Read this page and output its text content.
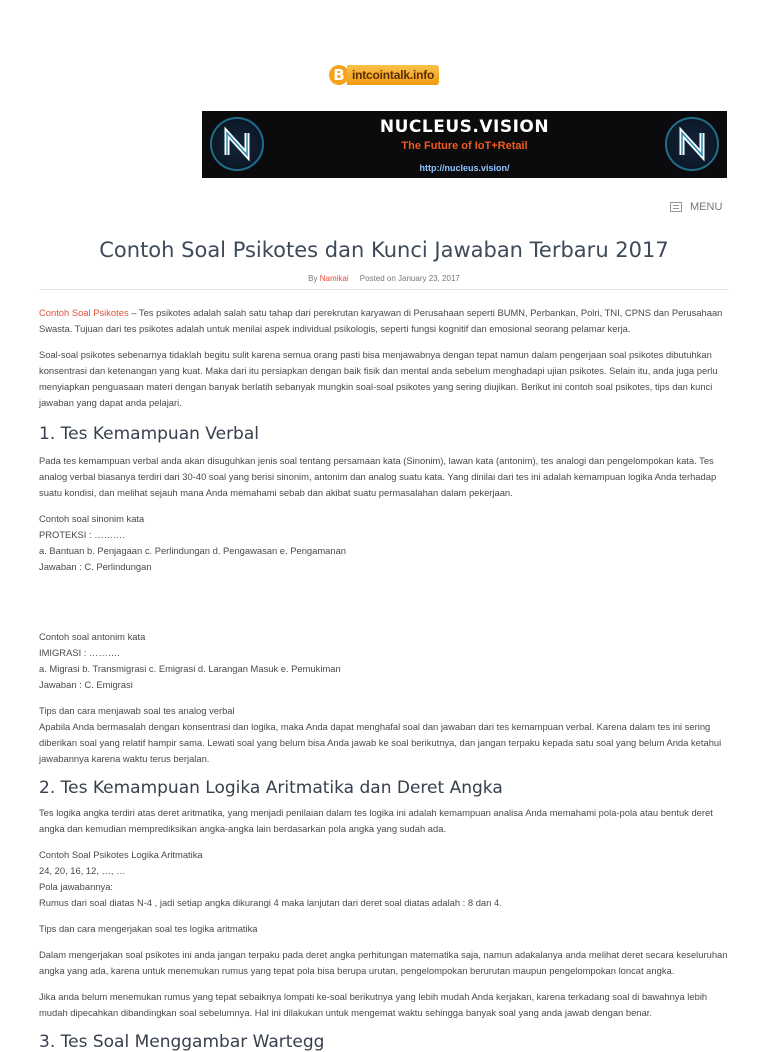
B intcointalk.info
NUCLEUS.VISION
The Future of IoT+Retail
http://nucleus.vision/
MENU
Contoh Soal Psikotes dan Kunci Jawaban Terbaru 2017
By Namikai Posted on January 23, 2017

Contoh Soal Psikotes – Tes psikotes adalah salah satu tahap dari perekrutan karyawan di Perusahaan seperti BUMN, Perbankan, Polri, TNI, CPNS dan Perusahaan Swasta. Tujuan dari tes psikotes adalah untuk menilai aspek individual psikologis, seperti fungsi kognitif dan emosional seorang pelamar kerja.

Soal-soal psikotes sebenarnya tidaklah begitu sulit karena semua orang pasti bisa menjawabnya dengan tepat namun dalam pengerjaan soal psikotes dibutuhkan konsentrasi dan ketenangan yang kuat. Maka dari itu persiapkan dengan baik fisik dan mental anda sebelum menghadapi ujian psikotes. Selain itu, anda juga perlu menyiapkan penguasaan materi dengan banyak berlatih sebanyak mungkin soal-soal psikotes yang sering diujikan. Berikut ini contoh soal psikotes, tips dan kunci jawaban yang dapat anda pelajari.

1. Tes Kemampuan Verbal

Pada tes kemampuan verbal anda akan disuguhkan jenis soal tentang persamaan kata (Sinonim), lawan kata (antonim), tes analogi dan pengelompokan kata. Tes analog verbal biasanya terdiri dari 30-40 soal yang berisi sinonim, antonim dan analog suatu kata. Yang dinilai dari tes ini adalah kemampuan logika Anda terhadap suatu kondisi, dan melihat sejauh mana Anda memahami sebab dan akibat suatu permasalahan dalam pekerjaan.

Contoh soal sinonim kata

PROTEKSI : ……….

a. Bantuan b. Penjagaan c. Perlindungan d. Pengawasan e. Pengamanan

Jawaban : C. Perlindungan

Contoh soal antonim kata

IMIGRASI : ……….

a. Migrasi b. Transmigrasi c. Emigrasi d. Larangan Masuk e. Pemukiman

Jawaban : C. Emigrasi

Tips dan cara menjawab soal tes analog verbal

Apabila Anda bermasalah dengan konsentrasi dan logika, maka Anda dapat menghafal soal dan jawaban dari tes kemampuan verbal. Karena dalam tes ini sering diberikan soal yang relatif hampir sama. Lewati soal yang belum bisa Anda jawab ke soal berikutnya, dan jangan terpaku kepada satu soal yang belum Anda ketahui jawabannya karena waktu terus berjalan.

2. Tes Kemampuan Logika Aritmatika dan Deret Angka

Tes logika angka terdiri atas deret aritmatika, yang menjadi penilaian dalam tes logika ini adalah kemampuan analisa Anda memahami pola-pola atau bentuk deret angka dan kemudian memprediksikan angka-angka lain berdasarkan pola angka yang sudah ada.

Contoh Soal Psikotes Logika Aritmatika

24, 20, 16, 12, …, …

Pola jawabannya:

Rumus dari soal diatas N-4 , jadi setiap angka dikurangi 4 maka lanjutan dari deret soal diatas adalah : 8 dan 4.

Tips dan cara mengerjakan soal tes logika aritmatika

Dalam mengerjakan soal psikotes ini anda jangan terpaku pada deret angka perhitungan matematika saja, namun adakalanya anda melihat deret secara keseluruhan angka yang ada, karena untuk menemukan rumus yang tepat pola bisa berupa urutan, pengelompokan berurutan maupun pengelompokan loncat angka.

Jika anda belum menemukan rumus yang tepat sebaiknya lompati ke-soal berikutnya yang lebih mudah Anda kerjakan, karena terkadang soal di bawahnya lebih mudah dipecahkan dibandingkan soal sebelumnya. Hal ini dilakukan untuk mengemat waktu sehingga banyak soal yang anda jawab dengan benar.

3. Tes Soal Menggambar Wartegg
